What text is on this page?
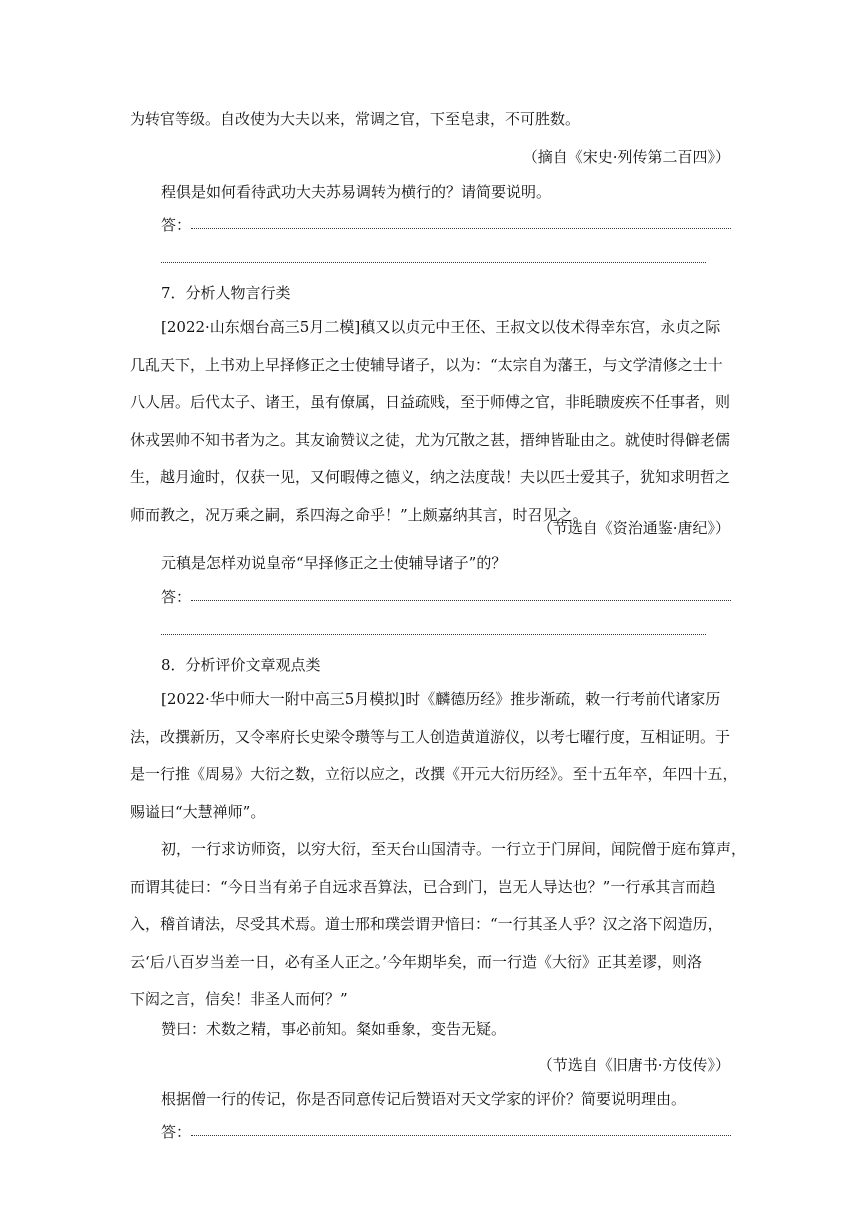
为转官等级。自改使为大夫以来，常调之官，下至皂隶，不可胜数。
（摘自《宋史·列传第二百四》）
程俱是如何看待武功大夫苏易调转为横行的？请简要说明。
答：
7．分析人物言行类
[2022·山东烟台高三5月二模]稹又以贞元中王伾、王叔文以伎术得幸东宫，永贞之际
几乱天下，上书劝上早择修正之士使辅导诸子，以为：“太宗自为藩王，与文学清修之士十
八人居。后代太子、诸王，虽有僚属，日益疏贱，至于师傅之官，非眊聩废疾不任事者，则
休戎罢帅不知书者为之。其友谕赞议之徒，尤为冗散之甚，搢绅皆耻由之。就使时得僻老儒
生，越月逾时，仅获一见，又何暇傅之德义，纳之法度哉！夫以匹士爱其子，犹知求明哲之
师而教之，况万乘之嗣，系四海之命乎！”上颇嘉纳其言，时召见之。
（节选自《资治通鉴·唐纪》）
元稹是怎样劝说皇帝“早择修正之士使辅导诸子”的？
答：
8．分析评价文章观点类
[2022·华中师大一附中高三5月模拟]时《麟德历经》推步渐疏，敕一行考前代诸家历
法，改撰新历，又令率府长史梁令瓒等与工人创造黄道游仪，以考七曜行度，互相证明。于
是一行推《周易》大衍之数，立衍以应之，改撰《开元大衍历经》。至十五年卒，年四十五，
赐谥曰“大慧禅师”。
初，一行求访师资，以穷大衍，至天台山国清寺。一行立于门屏间，闻院僧于庭布算声，
而谓其徒曰：“今日当有弟子自远求吾算法，已合到门，岂无人导达也？”一行承其言而趋
入，稽首请法，尽受其术焉。道士邢和璞尝谓尹愔曰：“一行其圣人乎？汉之洛下闳造历，
云‘后八百岁当差一日，必有圣人正之。’今年期毕矣，而一行造《大衍》正其差谬，则洛
下闳之言，信矣！非圣人而何？”
赞曰：术数之精，事必前知。粲如垂象，变告无疑。
（节选自《旧唐书·方伎传》）
根据僧一行的传记，你是否同意传记后赞语对天文学家的评价？简要说明理由。
答：
